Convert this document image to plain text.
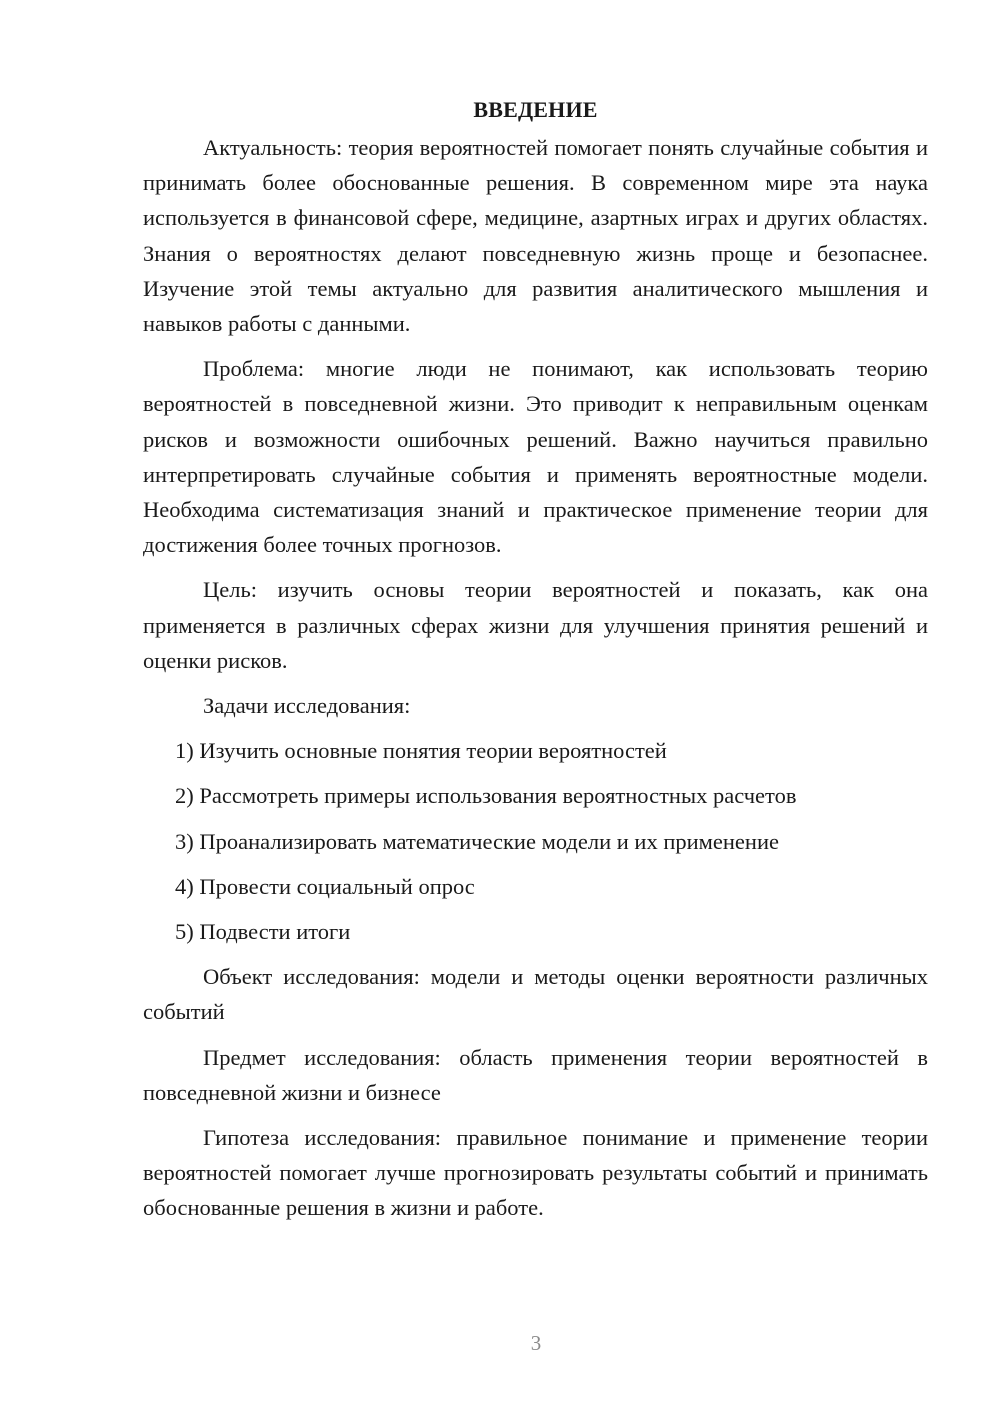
ВВЕДЕНИЕ

Актуальность: теория вероятностей помогает понять случайные события и принимать более обоснованные решения. В современном мире эта наука используется в финансовой сфере, медицине, азартных играх и других областях. Знания о вероятностях делают повседневную жизнь проще и безопаснее. Изучение этой темы актуально для развития аналитического мышления и навыков работы с данными.

Проблема: многие люди не понимают, как использовать теорию вероятностей в повседневной жизни. Это приводит к неправильным оценкам рисков и возможности ошибочных решений. Важно научиться правильно интерпретировать случайные события и применять вероятностные модели. Необходима систематизация знаний и практическое применение теории для достижения более точных прогнозов.

Цель: изучить основы теории вероятностей и показать, как она применяется в различных сферах жизни для улучшения принятия решений и оценки рисков.

Задачи исследования:

1) Изучить основные понятия теории вероятностей
2) Рассмотреть примеры использования вероятностных расчетов
3) Проанализировать математические модели и их применение
4) Провести социальный опрос
5) Подвести итоги

Объект исследования: модели и методы оценки вероятности различных событий

Предмет исследования: область применения теории вероятностей в повседневной жизни и бизнесе

Гипотеза исследования: правильное понимание и применение теории вероятностей помогает лучше прогнозировать результаты событий и принимать обоснованные решения в жизни и работе.

3
